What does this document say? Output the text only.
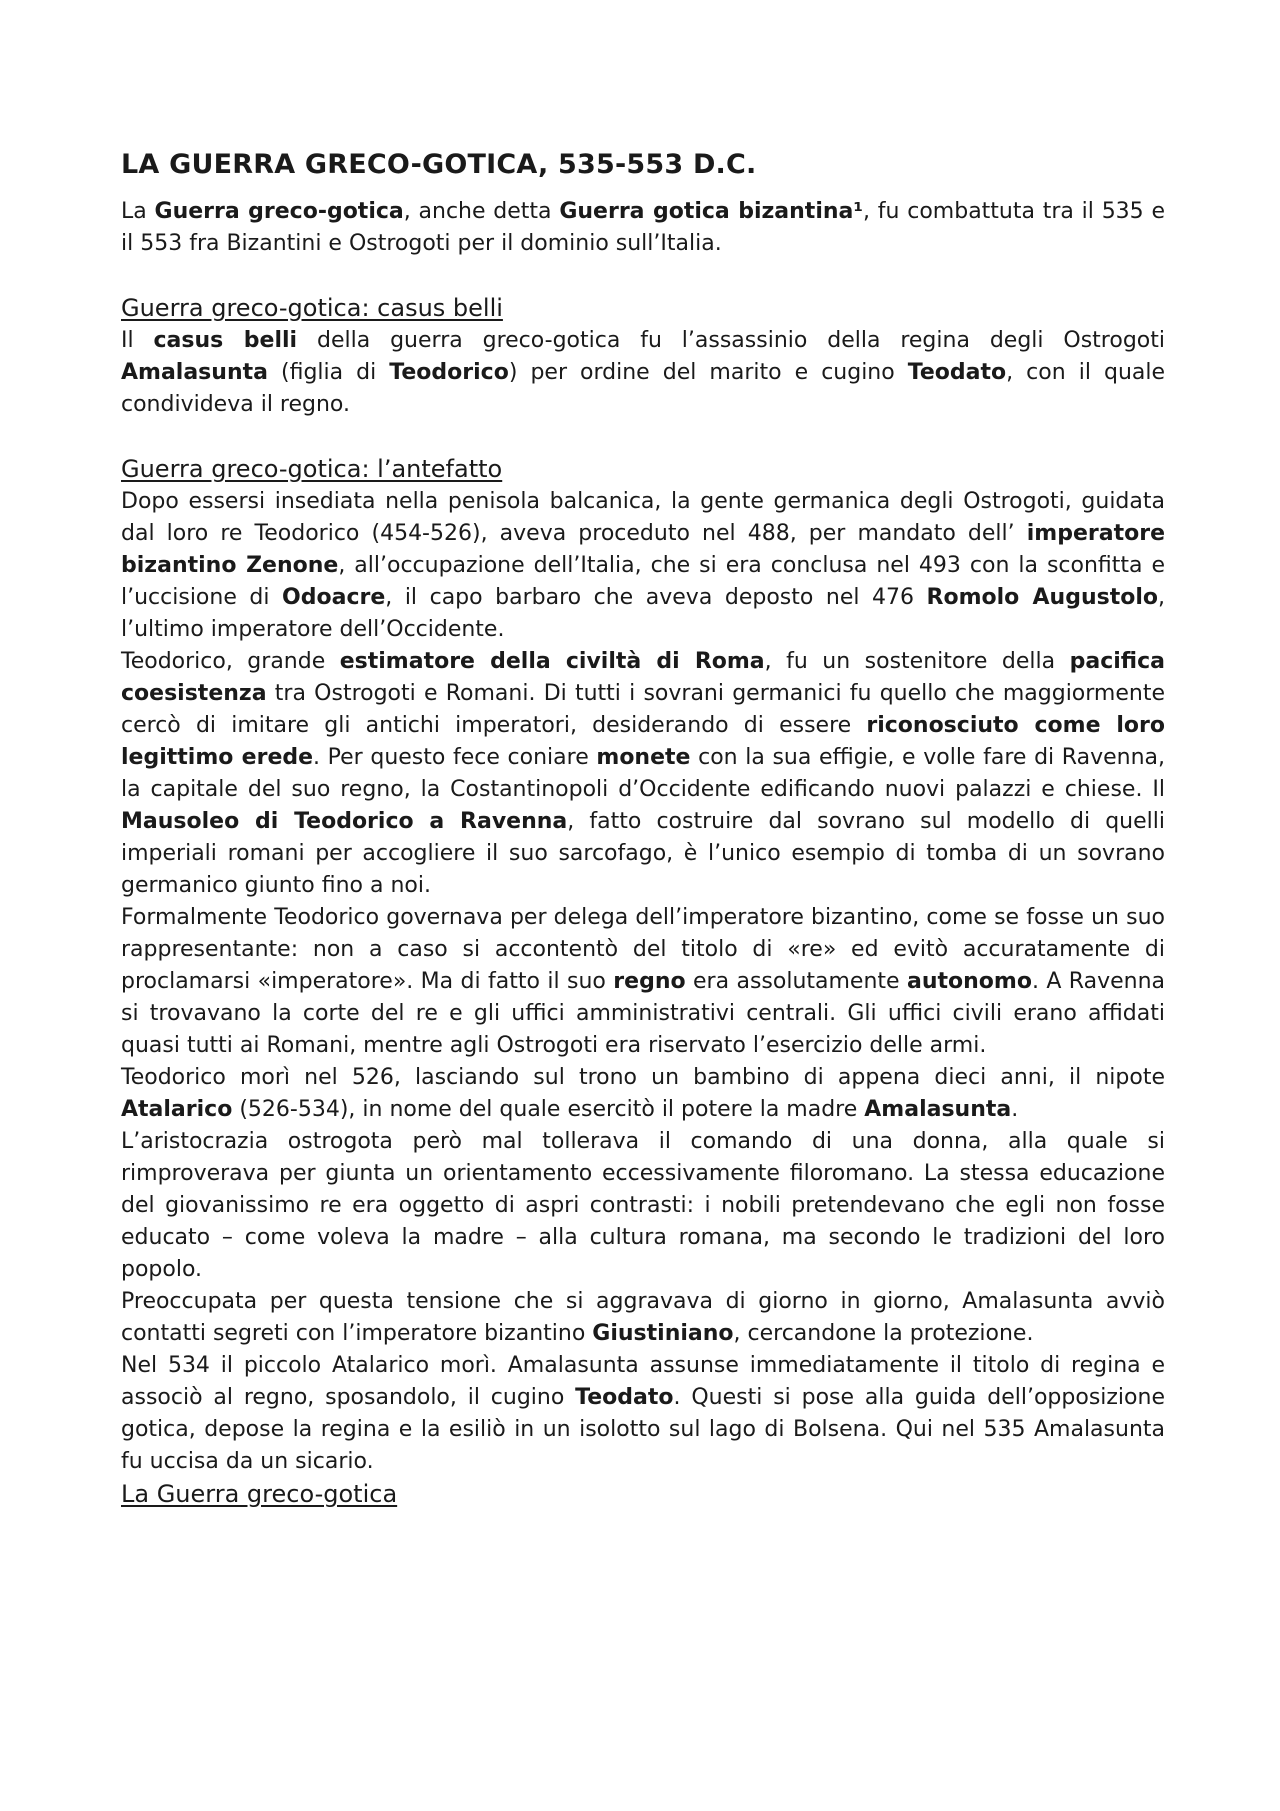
LA GUERRA GRECO-GOTICA, 535-553 D.C.

La Guerra greco-gotica, anche detta Guerra gotica bizantina¹, fu combattuta tra il 535 e il 553 fra Bizantini e Ostrogoti per il dominio sull’Italia.

Guerra greco-gotica: casus belli

Il casus belli della guerra greco-gotica fu l’assassinio della regina degli Ostrogoti Amalasunta (figlia di Teodorico) per ordine del marito e cugino Teodato, con il quale condivideva il regno.

Guerra greco-gotica: l’antefatto

Dopo essersi insediata nella penisola balcanica, la gente germanica degli Ostrogoti, guidata dal loro re Teodorico (454-526), aveva proceduto nel 488, per mandato dell’ imperatore bizantino Zenone, all’occupazione dell’Italia, che si era conclusa nel 493 con la sconfitta e l’uccisione di Odoacre, il capo barbaro che aveva deposto nel 476 Romolo Augustolo, l’ultimo imperatore dell’Occidente.

Teodorico, grande estimatore della civiltà di Roma, fu un sostenitore della pacifica coesistenza tra Ostrogoti e Romani. Di tutti i sovrani germanici fu quello che maggiormente cercò di imitare gli antichi imperatori, desiderando di essere riconosciuto come loro legittimo erede. Per questo fece coniare monete con la sua effigie, e volle fare di Ravenna, la capitale del suo regno, la Costantinopoli d’Occidente edificando nuovi palazzi e chiese. Il Mausoleo di Teodorico a Ravenna, fatto costruire dal sovrano sul modello di quelli imperiali romani per accogliere il suo sarcofago, è l’unico esempio di tomba di un sovrano germanico giunto fino a noi.

Formalmente Teodorico governava per delega dell’imperatore bizantino, come se fosse un suo rappresentante: non a caso si accontentò del titolo di «re» ed evitò accuratamente di proclamarsi «imperatore». Ma di fatto il suo regno era assolutamente autonomo. A Ravenna si trovavano la corte del re e gli uffici amministrativi centrali. Gli uffici civili erano affidati quasi tutti ai Romani, mentre agli Ostrogoti era riservato l’esercizio delle armi.

Teodorico morì nel 526, lasciando sul trono un bambino di appena dieci anni, il nipote Atalarico (526-534), in nome del quale esercitò il potere la madre Amalasunta.

L’aristocrazia ostrogota però mal tollerava il comando di una donna, alla quale si rimproverava per giunta un orientamento eccessivamente filoromano. La stessa educazione del giovanissimo re era oggetto di aspri contrasti: i nobili pretendevano che egli non fosse educato – come voleva la madre – alla cultura romana, ma secondo le tradizioni del loro popolo.

Preoccupata per questa tensione che si aggravava di giorno in giorno, Amalasunta avviò contatti segreti con l’imperatore bizantino Giustiniano, cercandone la protezione.

Nel 534 il piccolo Atalarico morì. Amalasunta assunse immediatamente il titolo di regina e associò al regno, sposandolo, il cugino Teodato. Questi si pose alla guida dell’opposizione gotica, depose la regina e la esiliò in un isolotto sul lago di Bolsena. Qui nel 535 Amalasunta fu uccisa da un sicario.

La Guerra greco-gotica
